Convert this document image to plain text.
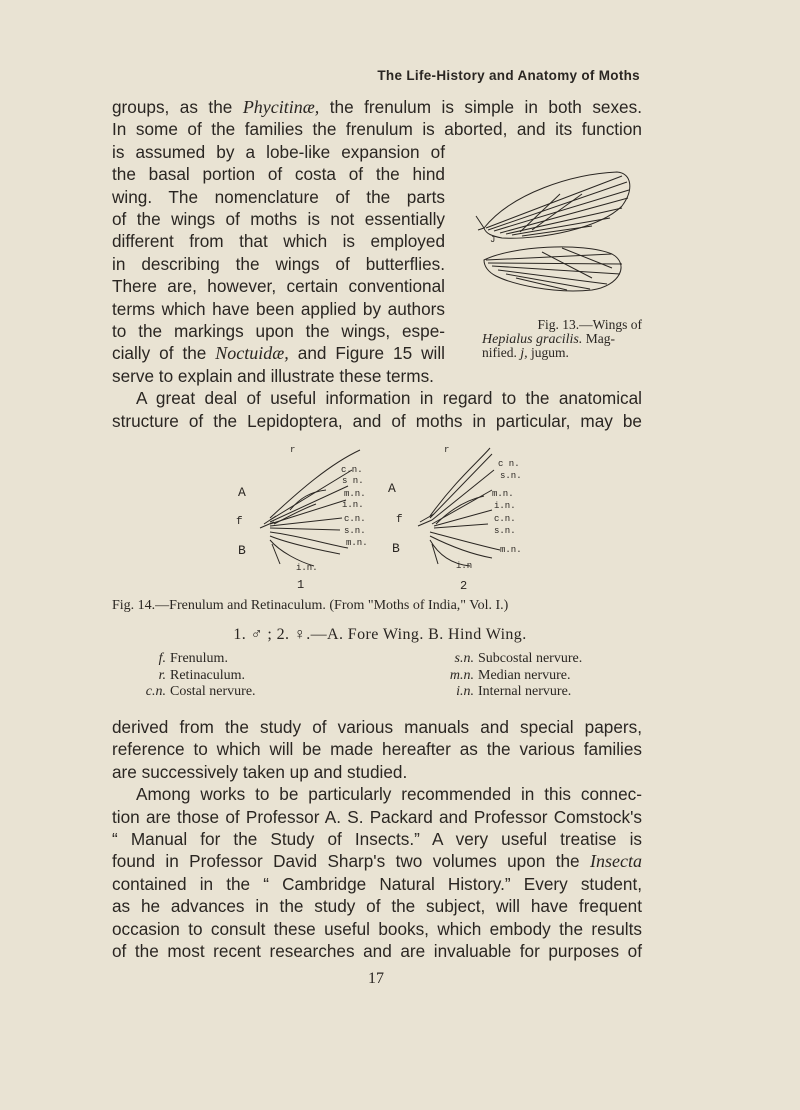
The Life-History and Anatomy of Moths
groups, as the Phycitinæ, the frenulum is simple in both sexes.
In some of the families the frenulum is aborted, and its function
is assumed by a lobe-like expansion of
the basal portion of costa of the hind
wing. The nomenclature of the parts
of the wings of moths is not essentially
different from that which is employed
in describing the wings of butterflies.
There are, however, certain conventional
terms which have been applied by authors
to the markings upon the wings, espe-
cially of the Noctuidæ, and Figure 15 will
serve to explain and illustrate these terms.
A great deal of useful information in regard to the anatomical
structure of the Lepidoptera, and of moths in particular, may be
J
Fig. 13.—Wings of
Hepialus gracilis. Mag-
nified. j, jugum.
r
A
f
B
c.n.
s n.
m.n.
i.n.
c.n.
s.n.
m.n.
i.n.
1
r
A
f
B
c n.
s.n.
m.n.
i.n.
c.n.
s.n.
m.n.
i.n
2
Fig. 14.—Frenulum and Retinaculum. (From "Moths of India," Vol. I.)
1. ♂ ; 2. ♀.—A. Fore Wing. B. Hind Wing.
f. Frenulum.
r. Retinaculum.
c.n. Costal nervure.
s.n. Subcostal nervure.
m.n. Median nervure.
i.n. Internal nervure.
derived from the study of various manuals and special papers,
reference to which will be made hereafter as the various families
are successively taken up and studied.
Among works to be particularly recommended in this connec-
tion are those of Professor A. S. Packard and Professor Comstock's
“ Manual for the Study of Insects.” A very useful treatise is
found in Professor David Sharp's two volumes upon the Insecta
contained in the “ Cambridge Natural History.” Every student,
as he advances in the study of the subject, will have frequent
occasion to consult these useful books, which embody the results
of the most recent researches and are invaluable for purposes of
17
